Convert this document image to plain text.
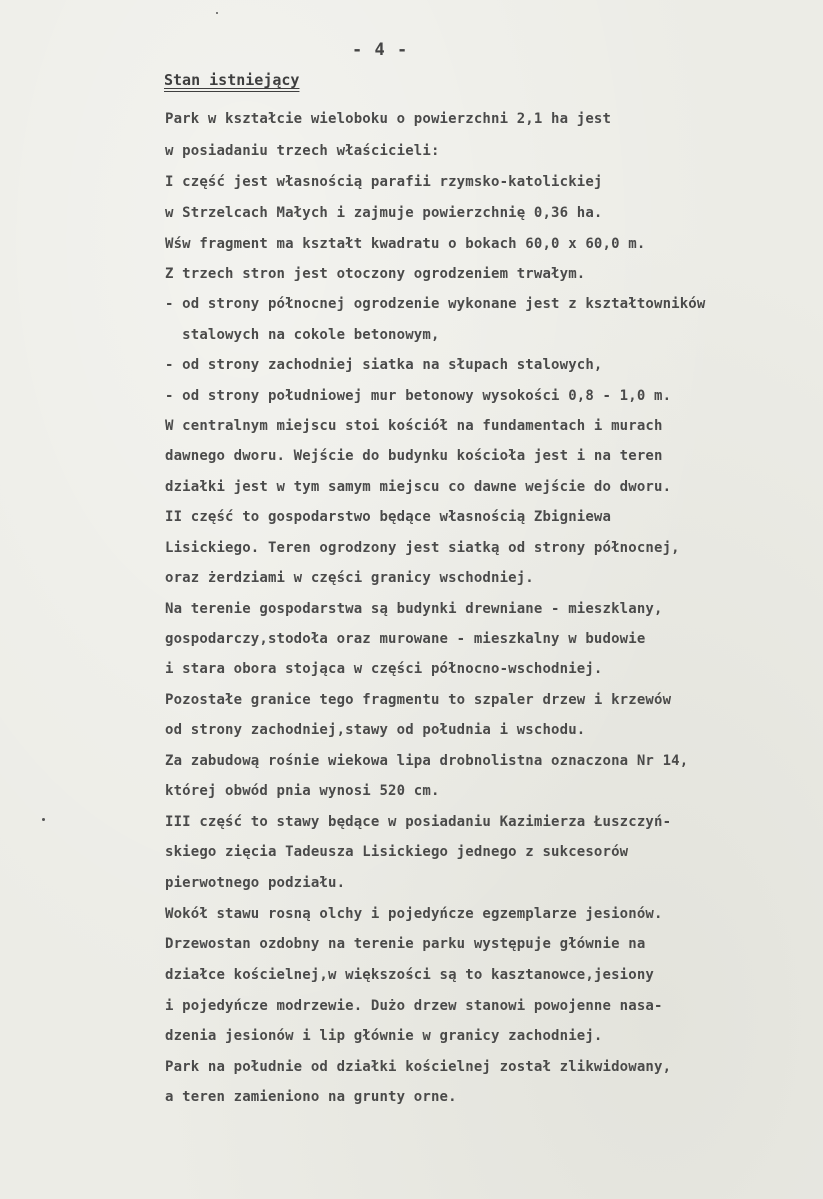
- 4 -
Stan istniejący
Park w kształcie wieloboku o powierzchni 2,1 ha jest
w posiadaniu trzech właścicieli:
I część jest własnością parafii rzymsko-katolickiej
w Strzelcach Małych i zajmuje powierzchnię 0,36 ha.
Wśw fragment ma kształt kwadratu o bokach 60,0 x 60,0 m.
Z trzech stron jest otoczony ogrodzeniem trwałym.
- od strony północnej ogrodzenie wykonane jest z kształtowników
stalowych na cokole betonowym,
- od strony zachodniej siatka na słupach stalowych,
- od strony południowej mur betonowy wysokości 0,8 - 1,0 m.
W centralnym miejscu stoi kościół na fundamentach i murach
dawnego dworu. Wejście do budynku kościoła jest i na teren
działki jest w tym samym miejscu co dawne wejście do dworu.
II część to gospodarstwo będące własnością Zbigniewa
Lisickiego. Teren ogrodzony jest siatką od strony północnej,
oraz żerdziami w części granicy wschodniej.
Na terenie gospodarstwa są budynki drewniane - mieszklany,
gospodarczy,stodoła oraz murowane - mieszkalny w budowie
i stara obora stojąca w części północno-wschodniej.
Pozostałe granice tego fragmentu to szpaler drzew i krzewów
od strony zachodniej,stawy od południa i wschodu.
Za zabudową rośnie wiekowa lipa drobnolistna oznaczona Nr 14,
której obwód pnia wynosi 520 cm.
III część to stawy będące w posiadaniu Kazimierza Łuszczyń-
skiego zięcia Tadeusza Lisickiego jednego z sukcesorów
pierwotnego podziału.
Wokół stawu rosną olchy i pojedyńcze egzemplarze jesionów.
Drzewostan ozdobny na terenie parku występuje głównie na
działce kościelnej,w większości są to kasztanowce,jesiony
i pojedyńcze modrzewie. Dużo drzew stanowi powojenne nasa-
dzenia jesionów i lip głównie w granicy zachodniej.
Park na południe od działki kościelnej został zlikwidowany,
a teren zamieniono na grunty orne.
